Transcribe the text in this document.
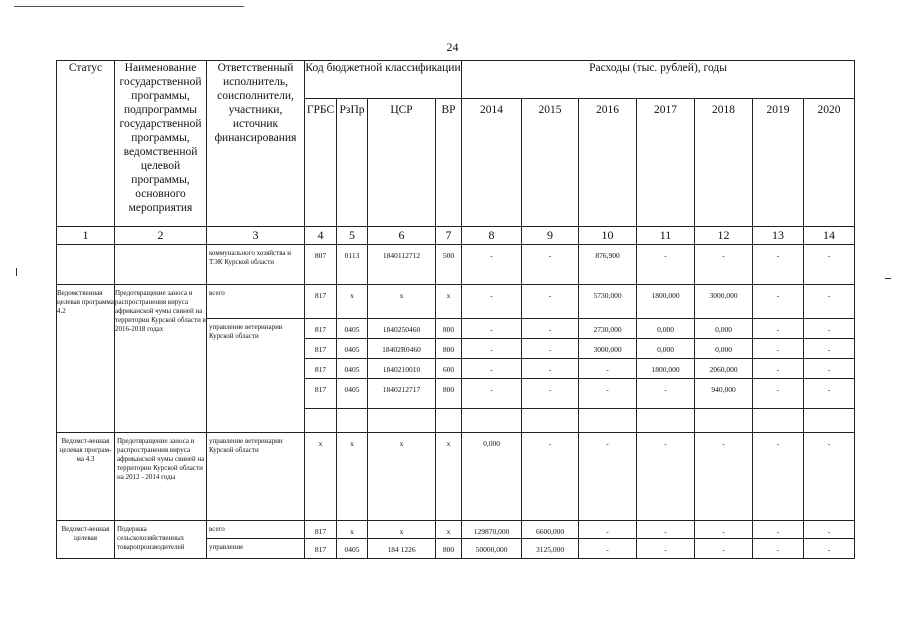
24
Статус	Наименование государственной программы, подпрограммы государственной программы, ведомственной целевой программы, основного мероприятия	Ответственный исполнитель, соисполнители, участники, источник финансирования	Код бюджетной классификации				Расходы (тыс. рублей), годы						
			ГРБС	РзПр	ЦСР	ВР	2014	2015	2016	2017	2018	2019	2020
1	2	3	4	5	6	7	8	9	10	11	12	13	14
		коммунального хозяйства и ТЭК Курской области	807	0113	1840112712	500	-	-	876,900	-	-	-	-
Ведомственная целевая программа 4.2	Предотвращение заноса и распространения вируса африканской чумы свиней на территории Курской области в 2016-2018 годах	всего	817	x	x	x	-	-	5730,000	1800,000	3000,000	-	-
		управление ветеринарии Курской области	817	0405	1840250460	800	-	-	2730,000	0,000	0,000	-	-
			817	0405	18402R0460	800	-	-	3000,000	0,000	0,000	-	-
			817	0405	1840210010	600	-	-	-	1800,000	2060,000	-	-
			817	0405	1840212717	800	-	-	-	-	940,000	-	-

Ведомст-венная целевая програм-ма 4.3	Предотвращение заноса и распространения вируса африканской чумы свиней на территории Курской области на 2012 - 2014 годы	управление ветеринарии Курской области	x	x	x	x	0,000	-	-	-	-	-	-
Ведомст-венная целевая	Подержка сельскохозяйственных товаропроизводителей	всего	817	x	x	x	129870,000	6600,000	-	-	-	-	-
		управление	817	0405	184 1226	800	50000,000	3125,000	-	-	-	-	-
